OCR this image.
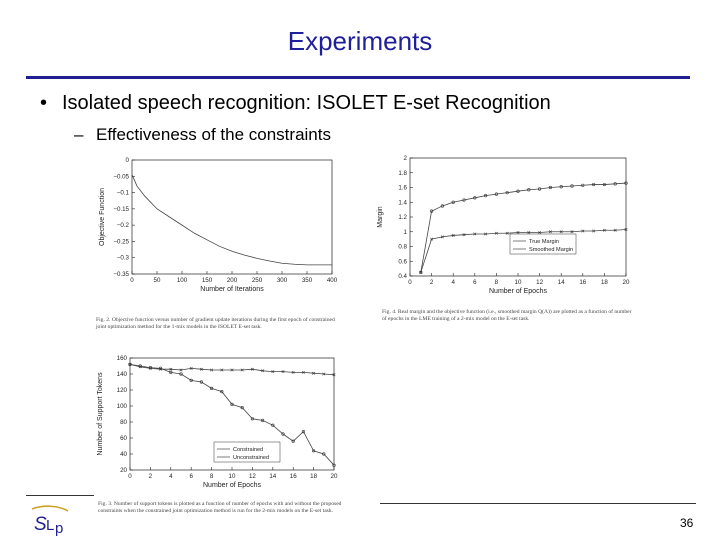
Experiments
• Isolated speech recognition: ISOLET E-set Recognition
– Effectiveness of the constraints
0	50	100 150 200 250 300 350 400
0
−0.05
−0.1
−0.15
−0.2
−0.25
−0.3
−0.35
Number of Iterations
Objective Function
Fig. 2. Objective function versus number of gradient update iterations during the first epoch of constrained joint optimization method for the 1-mix models in the ISOLET E-set task.
0	2	4	6	8 10 12 14 16 18 20
20
40
60
80
100
120
140
160
Number of Epochs
Number of Support Tokens	Constrained
Unconstrained
Fig. 3. Number of support tokens is plotted as a function of number of epochs with and without the proposed constraints when the constrained joint optimization method is run for the 2-mix models on the E-set task.
0	2	4	6	8	10 12 14 16 18 20
0.4
0.6
0.8
1
1.2
1.4
1.6
1.8
2
Number of Epochs
Margin
True Margin
Smoothed Margin
Fig. 4. Real margin and the objective function (i.e., smoothed margin Q(Λ)) are plotted as a function of number of epochs in the LME training of a 2-mix model on the E-set task.
S L p	36
